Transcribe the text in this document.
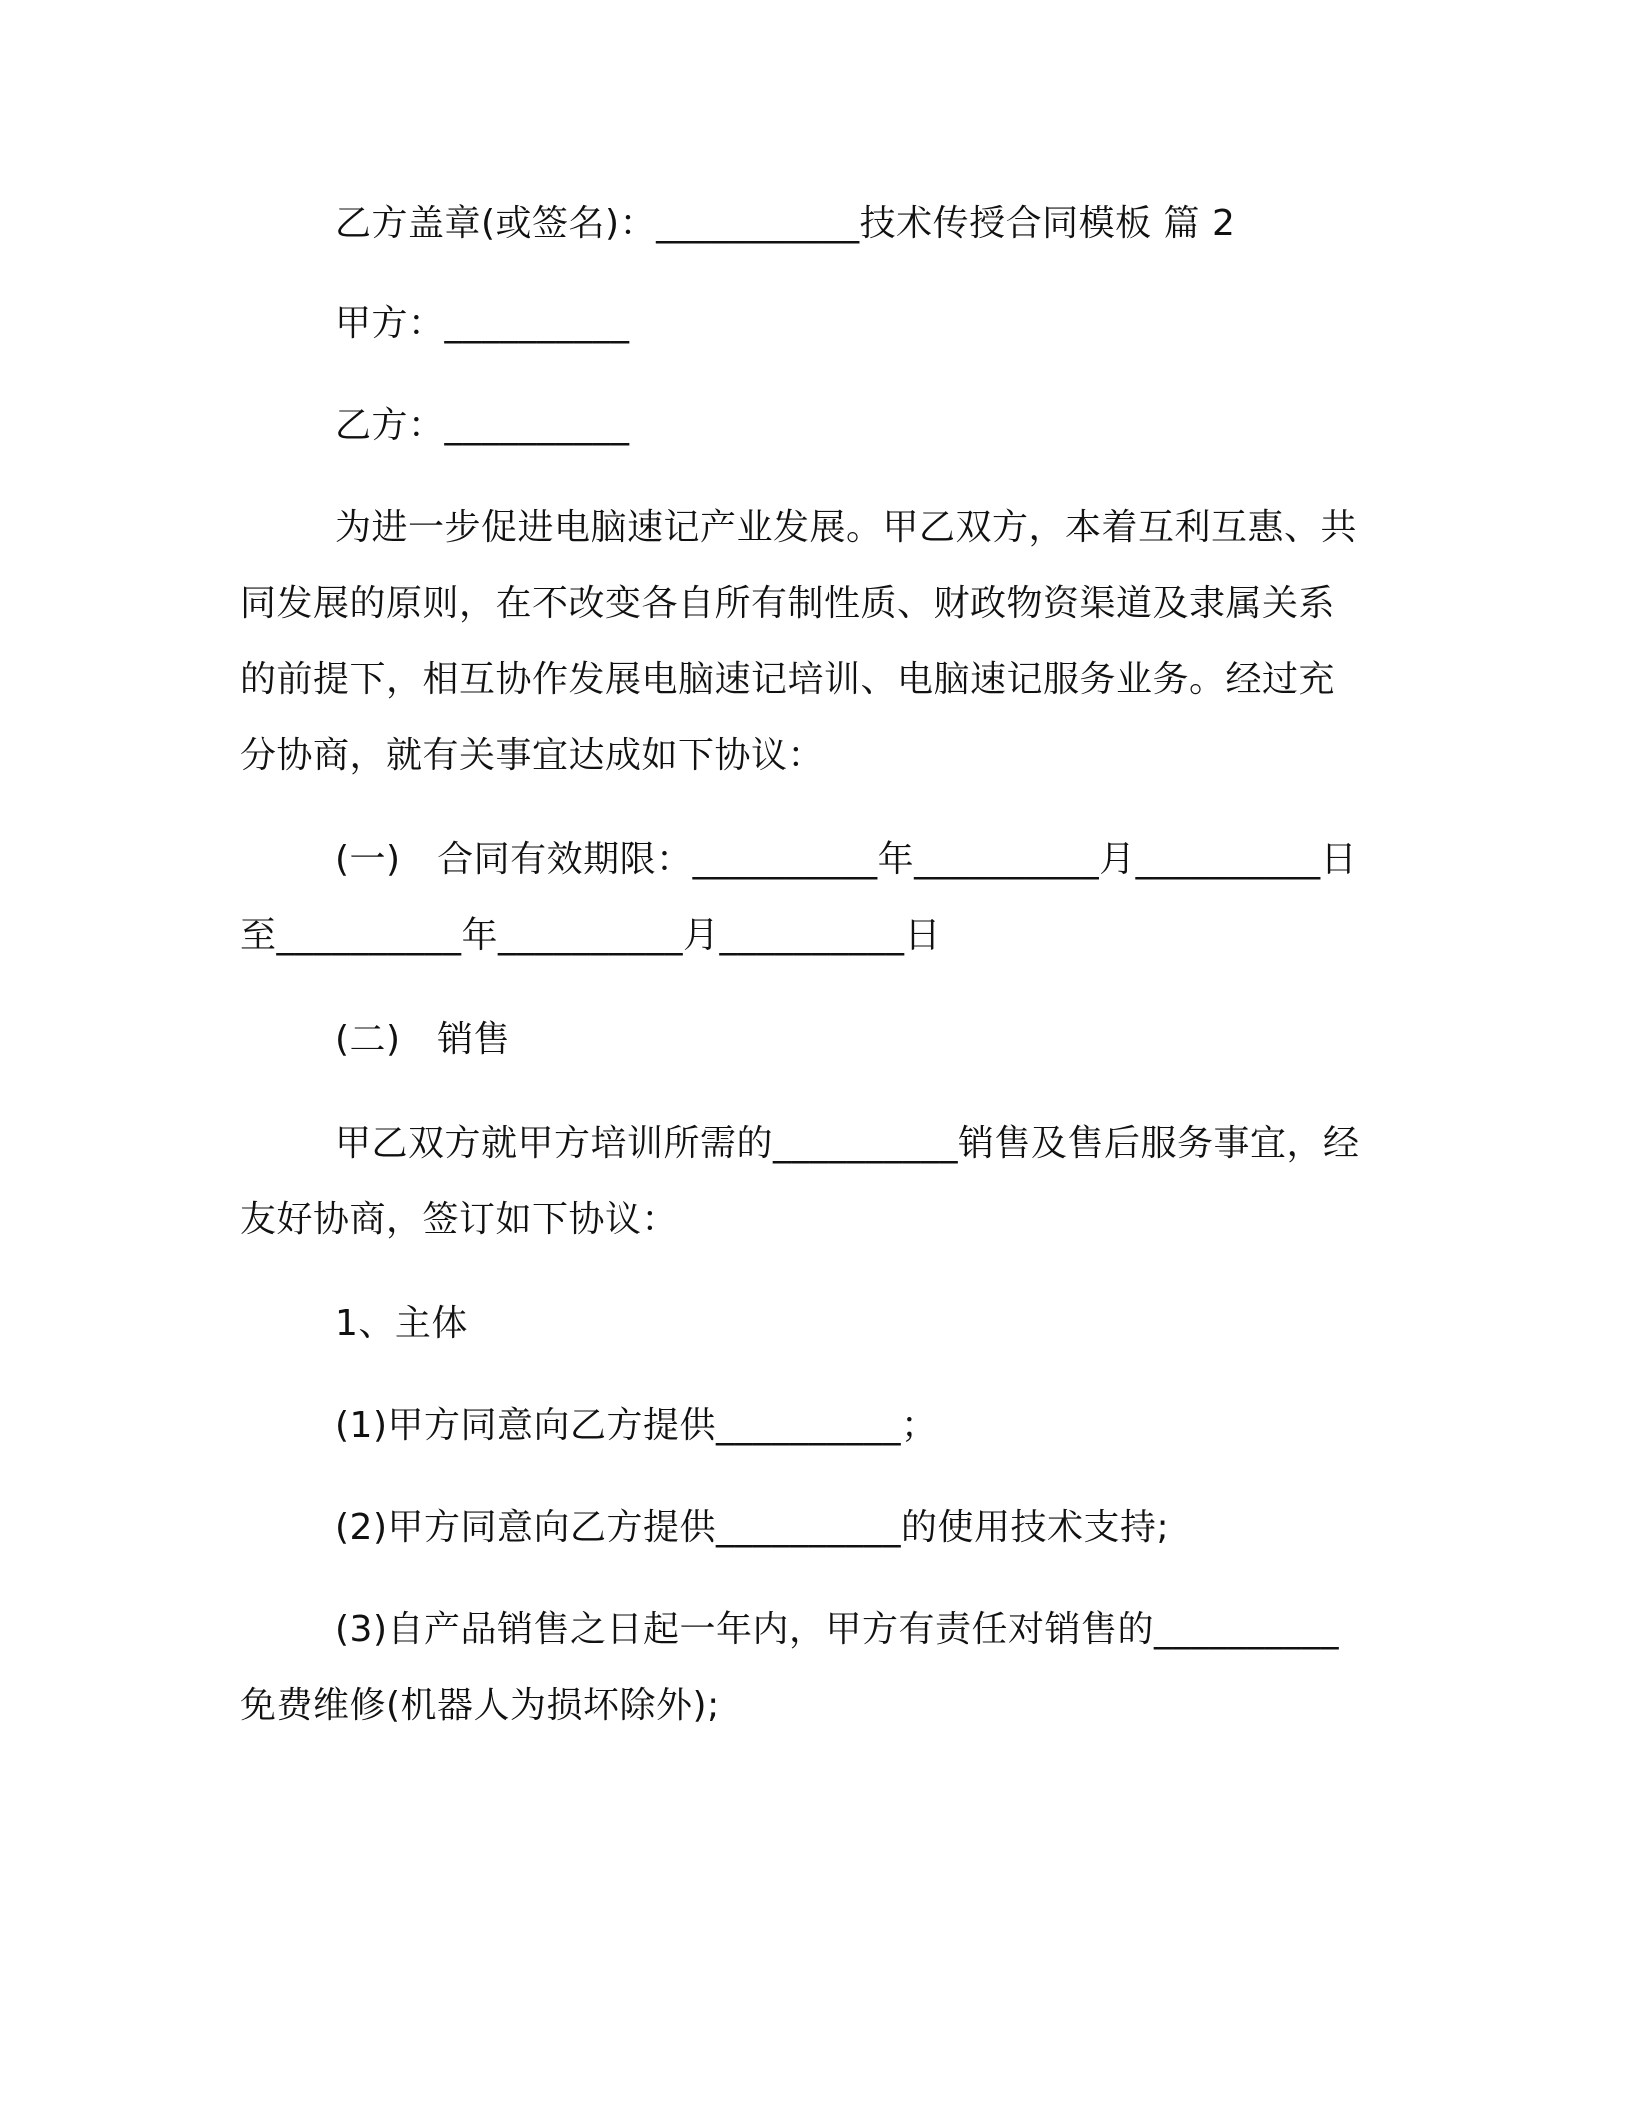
乙方盖章(或签名)：___________技术传授合同模板 篇 2
甲方：__________
乙方：__________
为进一步促进电脑速记产业发展。甲乙双方，本着互利互惠、共
同发展的原则，在不改变各自所有制性质、财政物资渠道及隶属关系
的前提下，相互协作发展电脑速记培训、电脑速记服务业务。经过充
分协商，就有关事宜达成如下协议：
(一)　合同有效期限：__________年__________月__________日
至__________年__________月__________日
(二)　销售
甲乙双方就甲方培训所需的__________销售及售后服务事宜，经
友好协商，签订如下协议：
1、主体
(1)甲方同意向乙方提供__________；
(2)甲方同意向乙方提供__________的使用技术支持;
(3)自产品销售之日起一年内，甲方有责任对销售的__________
免费维修(机器人为损坏除外);
